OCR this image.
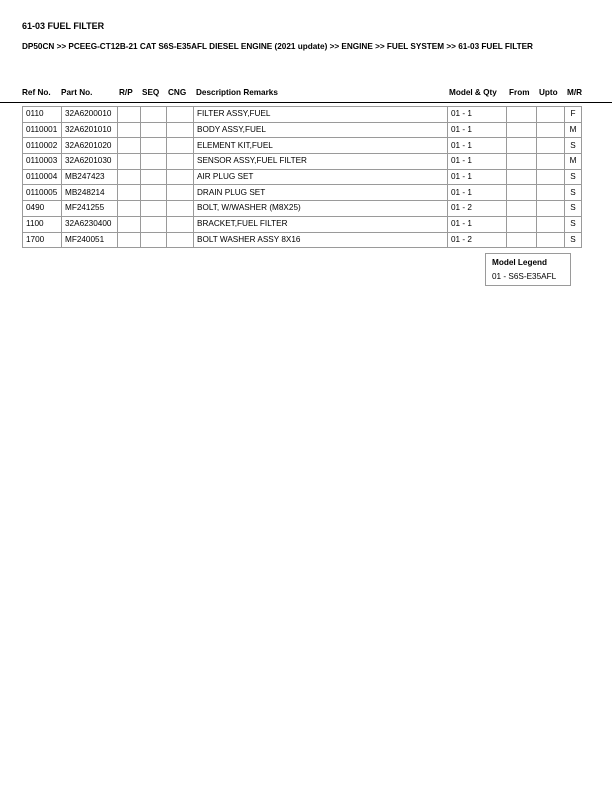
61-03 FUEL FILTER
DP50CN >> PCEEG-CT12B-21 CAT S6S-E35AFL DIESEL ENGINE (2021 update) >> ENGINE >> FUEL SYSTEM >> 61-03 FUEL FILTER
Ref No. Part No.	R/P SEQ CNG Description Remarks	Model & Qty From Upto M/R
0110	32A6200010				FILTER ASSY,FUEL	01 - 1			F
0110001	32A6201010				BODY ASSY,FUEL	01 - 1			M
0110002	32A6201020				ELEMENT KIT,FUEL	01 - 1			S
0110003	32A6201030				SENSOR ASSY,FUEL FILTER	01 - 1			M
0110004	MB247423				AIR PLUG SET	01 - 1			S
0110005	MB248214				DRAIN PLUG SET	01 - 1			S
0490	MF241255				BOLT, W/WASHER (M8X25)	01 - 2			S
1100	32A6230400				BRACKET,FUEL FILTER	01 - 1			S
1700	MF240051				BOLT WASHER ASSY 8X16	01 - 2			S
Model Legend
01 - S6S-E35AFL
